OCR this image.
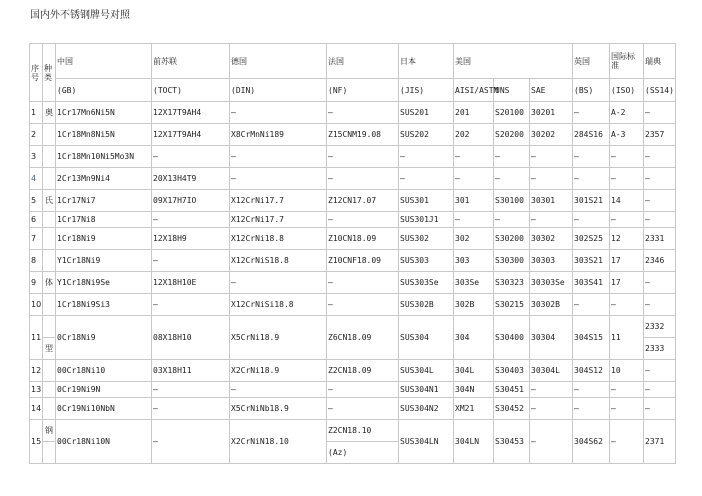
国内外不锈钢牌号对照
序号	种类	中国	前苏联	德国	法国	日本	美国			英国	国际标准	瑞典
		(GB)	(TOCT)	(DIN)	(NF)	(JIS)	AISI/ASTM	UNS	SAE	(BS)	(ISO)	(SS14)
1	奥	1Cr17Mn6Ni5N	12X17T9AH4	—	—	SUS201	201	S20100	30201	—	A-2	—
2		1Cr18Mn8Ni5N	12X17T9AH4	X8CrMnNi189	Z15CNM19.08	SUS202	202	S20200	30202	284S16	A-3	2357
3		1Cr18Mn10Ni5Mo3N	—	—	—	—	—	—	—	—	—	—
4		2Cr13Mn9Ni4	20X13H4T9	—	—	—	—	—	—	—	—	—
5	氏	1Cr17Ni7	09X17H7IO	X12CrNi17.7	Z12CN17.07	SUS301	301	S30100	30301	301S21	14	—
6		1Cr17Ni8	—	X12CrNi17.7	—	SUS301J1	—	—	—	—	—	—
7		1Cr18Ni9	12X18H9	X12CrNi18.8	Z10CN18.09	SUS302	302	S30200	30302	302S25	12	2331
8		Y1Cr18Ni9	—	X12CrNiS18.8	Z10CNF18.09	SUS303	303	S30300	30303	303S21	17	2346
9	体	Y1Cr18Ni9Se	12X18H10E	—	—	SUS303Se	303Se	S30323	30303Se	303S41	17	—
10		1Cr18Ni9Si3	—	X12CrNiSi18.8	—	SUS302B	302B	S30215	30302B	—	—	—
11		0Cr18Ni9	08X18H10	X5CrNi18.9	Z6CN18.09	SUS304	304	S30400	30304	304S15	11	2332
	型											2333
12		00Cr18Ni10	03X18H11	X2CrNi18.9	Z2CN18.09	SUS304L	304L	S30403	30304L	304S12	10	—
13		0Cr19Ni9N	—	—	—	SUS304N1	304N	S30451	—	—	—	—
14		0Cr19Ni10NbN	—	X5CrNiNb18.9	—	SUS304N2	XM21	S30452	—	—	—	—
15	钢	00Cr18Ni10N	—	X2CrNiN18.10	Z2CN18.10	SUS304LN	304LN	S30453	—	304S62	—	2371
					(Az)							
